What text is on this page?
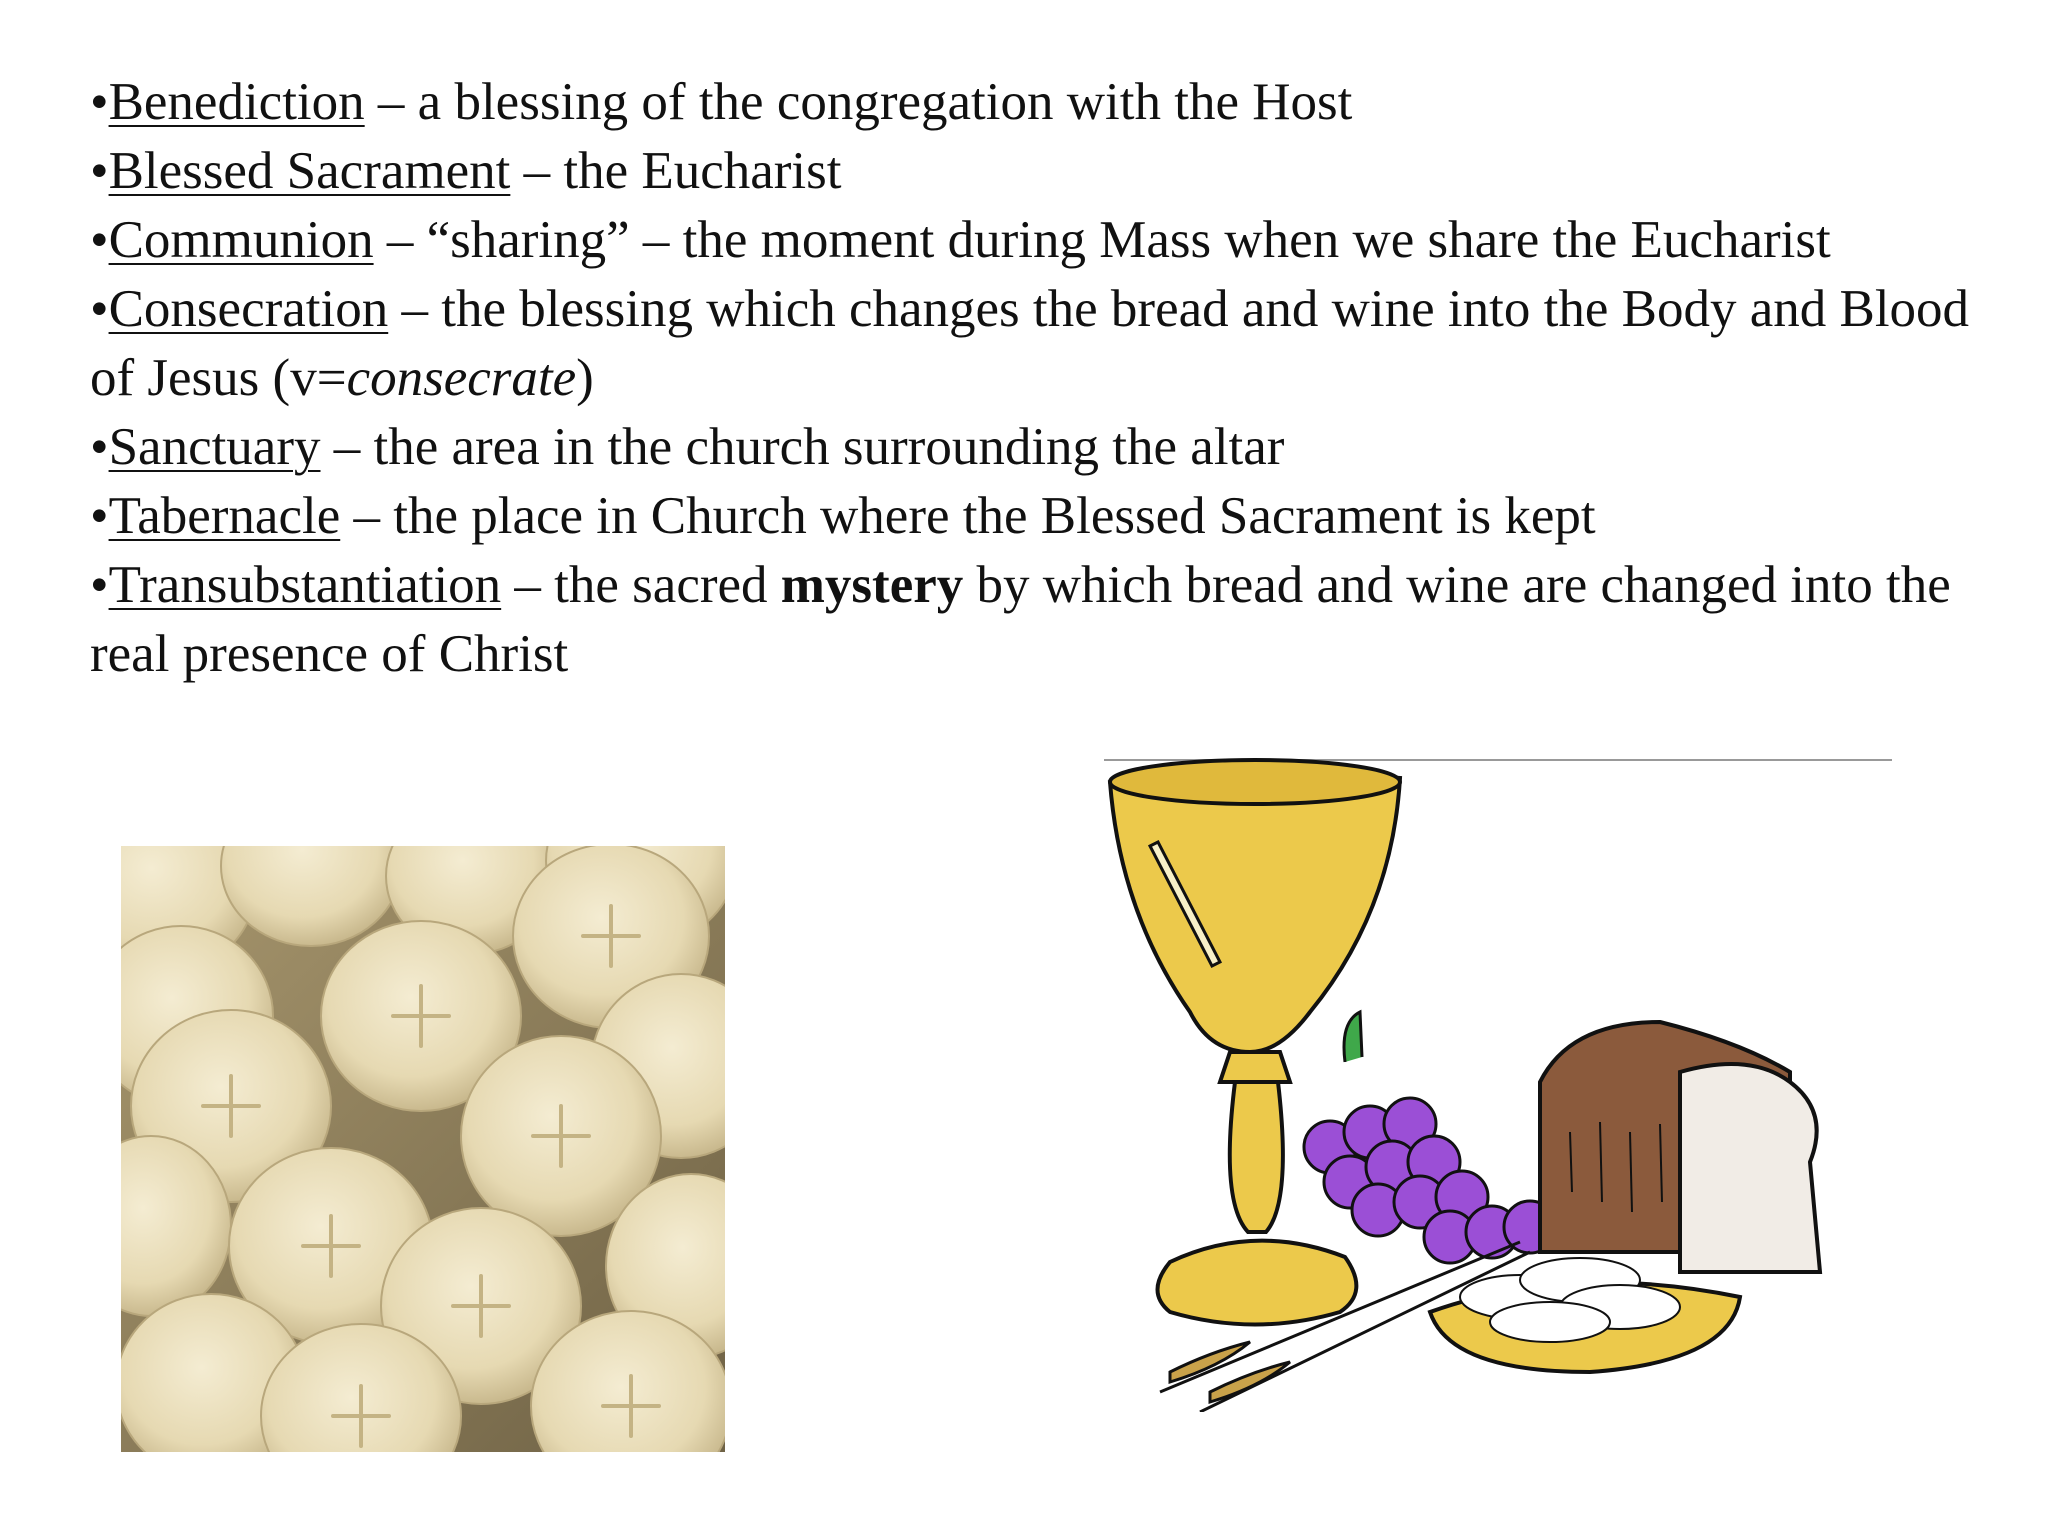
•Benediction – a blessing of the congregation with the Host
•Blessed Sacrament – the Eucharist
•Communion – “sharing” – the moment during Mass when we share the Eucharist
•Consecration – the blessing which changes the bread and wine into the Body and Blood of Jesus (v=consecrate)
•Sanctuary – the area in the church surrounding the altar
•Tabernacle – the place in Church where the Blessed Sacrament is kept
•Transubstantiation – the sacred mystery by which bread and wine are changed into the real presence of Christ
